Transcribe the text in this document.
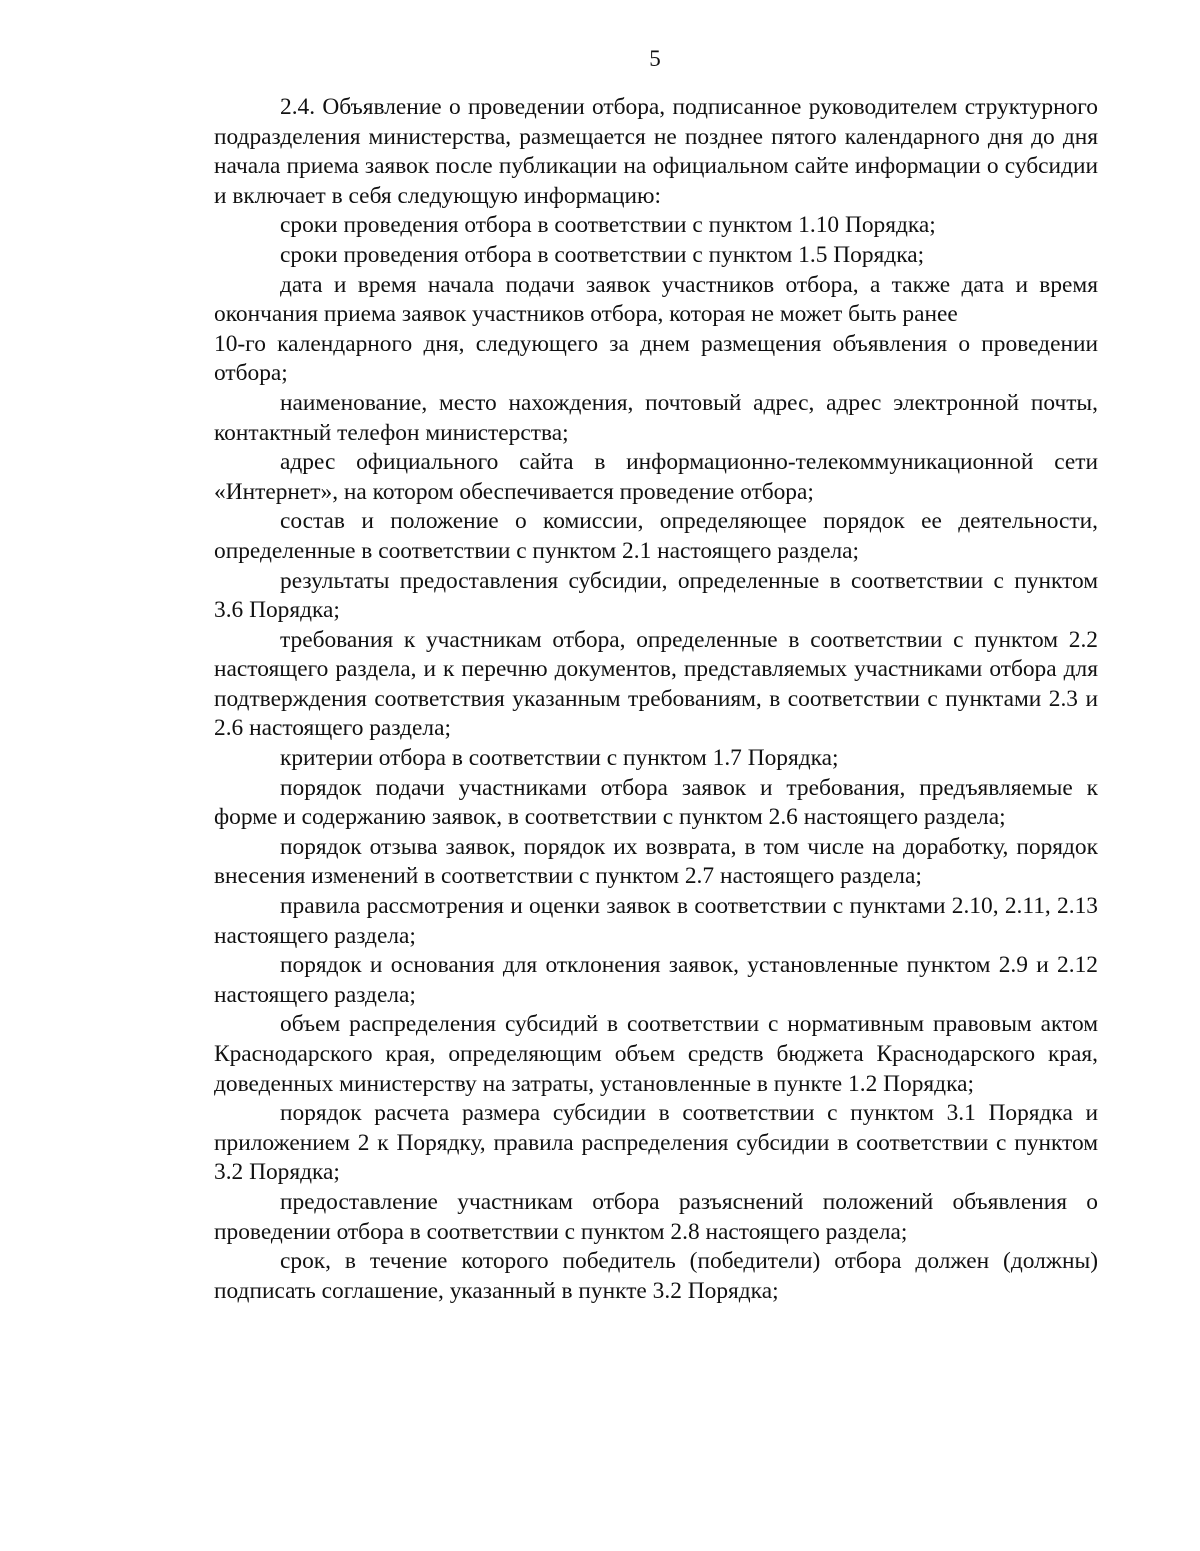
5

2.4. Объявление о проведении отбора, подписанное руководителем структурного подразделения министерства, размещается не позднее пятого календарного дня до дня начала приема заявок после публикации на официальном сайте информации о субсидии и включает в себя следующую информацию:

сроки проведения отбора в соответствии с пунктом 1.10 Порядка;

сроки проведения отбора в соответствии с пунктом 1.5 Порядка;

дата и время начала подачи заявок участников отбора, а также дата и время окончания приема заявок участников отбора, которая не может быть ранее

10-го календарного дня, следующего за днем размещения объявления о проведении отбора;

наименование, место нахождения, почтовый адрес, адрес электронной почты, контактный телефон министерства;

адрес официального сайта в информационно-телекоммуникационной сети «Интернет», на котором обеспечивается проведение отбора;

состав и положение о комиссии, определяющее порядок ее деятельности, определенные в соответствии с пунктом 2.1 настоящего раздела;

результаты предоставления субсидии, определенные в соответствии с пунктом 3.6 Порядка;

требования к участникам отбора, определенные в соответствии с пунктом 2.2 настоящего раздела, и к перечню документов, представляемых участниками отбора для подтверждения соответствия указанным требованиям, в соответствии с пунктами 2.3 и 2.6 настоящего раздела;

критерии отбора в соответствии с пунктом 1.7 Порядка;

порядок подачи участниками отбора заявок и требования, предъявляемые к форме и содержанию заявок, в соответствии с пунктом 2.6 настоящего раздела;

порядок отзыва заявок, порядок их возврата, в том числе на доработку, порядок внесения изменений в соответствии с пунктом 2.7 настоящего раздела;

правила рассмотрения и оценки заявок в соответствии с пунктами 2.10, 2.11, 2.13 настоящего раздела;

порядок и основания для отклонения заявок, установленные пунктом 2.9 и 2.12 настоящего раздела;

объем распределения субсидий в соответствии с нормативным правовым актом Краснодарского края, определяющим объем средств бюджета Краснодарского края, доведенных министерству на затраты, установленные в пункте 1.2 Порядка;

порядок расчета размера субсидии в соответствии с пунктом 3.1 Порядка и приложением 2 к Порядку, правила распределения субсидии в соответствии с пунктом 3.2 Порядка;

предоставление участникам отбора разъяснений положений объявления о проведении отбора в соответствии с пунктом 2.8 настоящего раздела;

срок, в течение которого победитель (победители) отбора должен (должны) подписать соглашение, указанный в пункте 3.2 Порядка;
